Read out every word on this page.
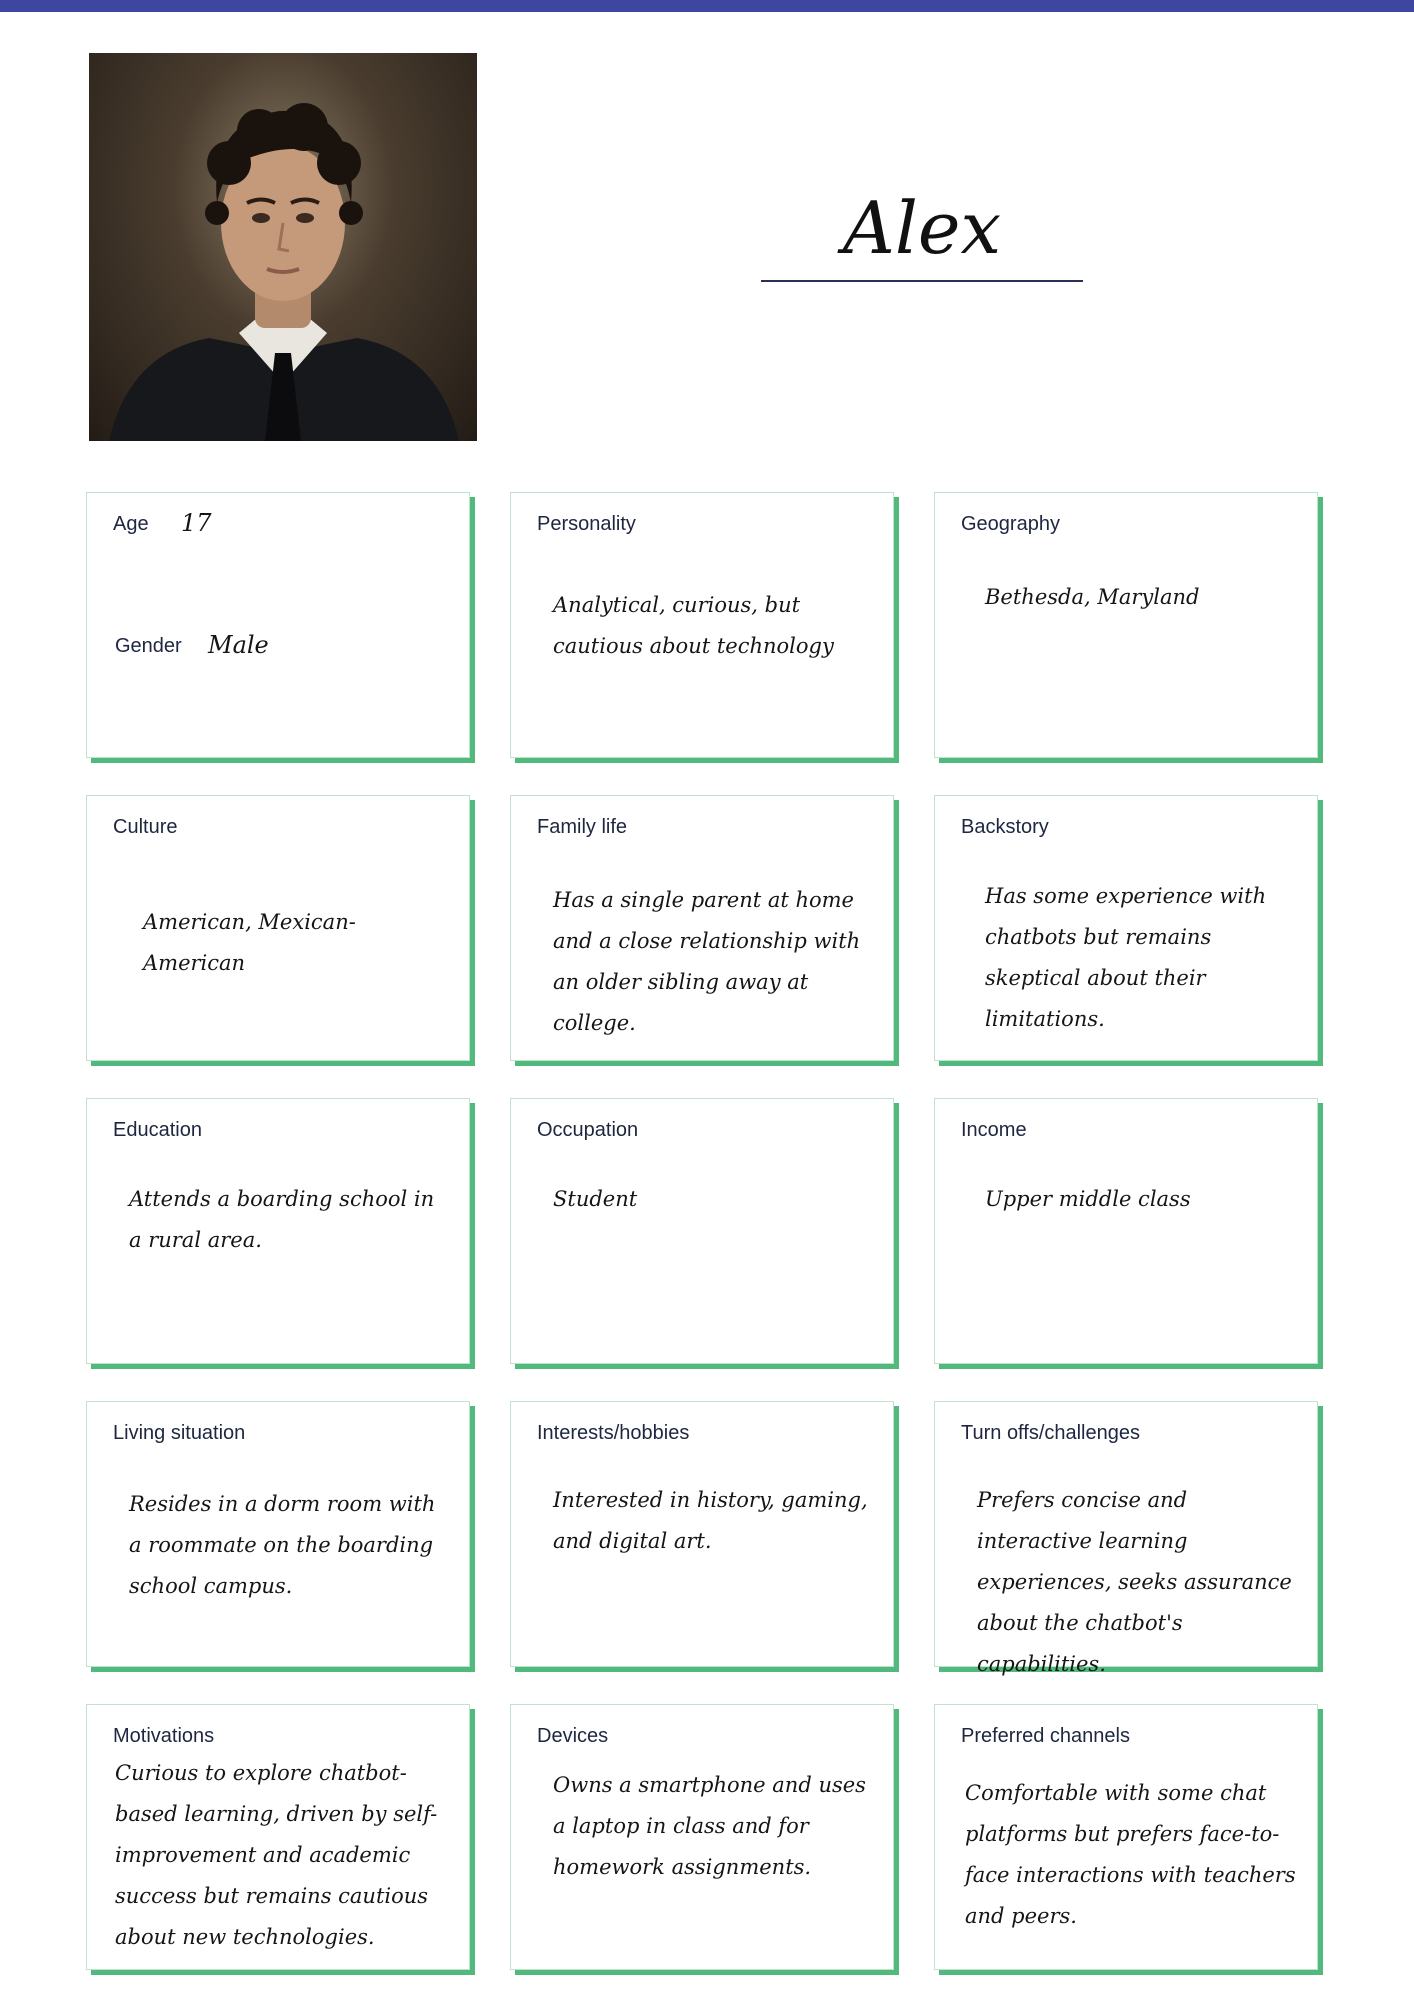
Alex
Age 17
Gender Male
Personality
Analytical, curious, but cautious about technology
Geography
Bethesda, Maryland
Culture
American, Mexican-American
Family life
Has a single parent at home and a close relationship with an older sibling away at college.
Backstory
Has some experience with chatbots but remains skeptical about their limitations.
Education
Attends a boarding school in a rural area.
Occupation
Student
Income
Upper middle class
Living situation
Resides in a dorm room with a roommate on the boarding school campus.
Interests/hobbies
Interested in history, gaming, and digital art.
Turn offs/challenges
Prefers concise and interactive learning experiences, seeks assurance about the chatbot's capabilities.
Motivations
Curious to explore chatbot-based learning, driven by self-improvement and academic success but remains cautious about new technologies.
Devices
Owns a smartphone and uses a laptop in class and for homework assignments.
Preferred channels
Comfortable with some chat platforms but prefers face-to-face interactions with teachers and peers.
